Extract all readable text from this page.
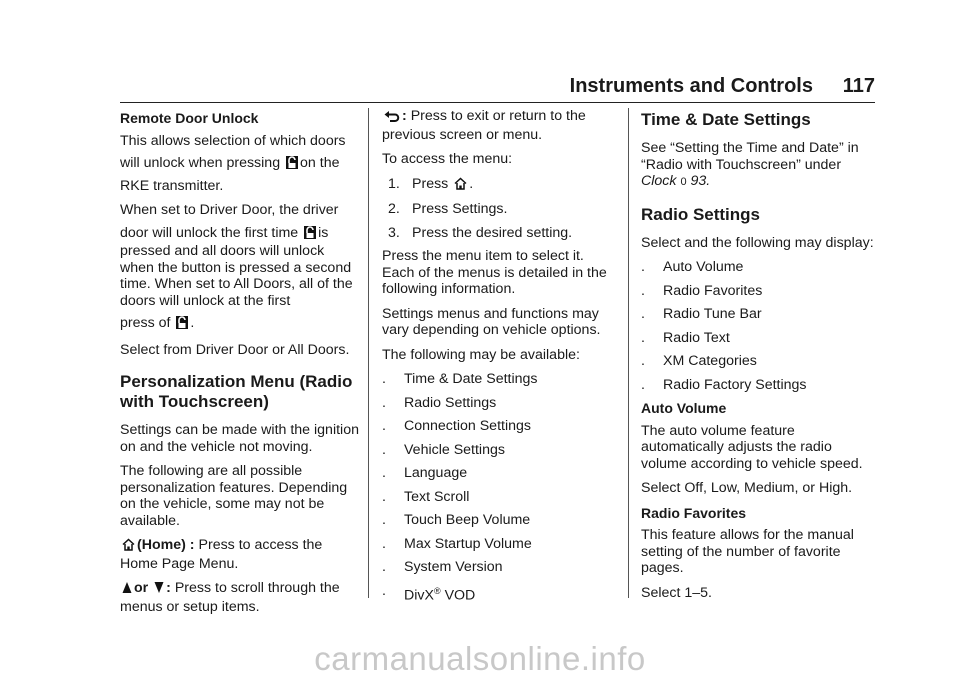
Instruments and Controls 117
Remote Door Unlock

This allows selection of which doors
will unlock when pressing on the
RKE transmitter.

When set to Driver Door, the driver
door will unlock the first time is
pressed and all doors will unlock when the button is pressed a second time. When set to All Doors, all of the doors will unlock at the first
press of .

Select from Driver Door or All Doors.

Personalization Menu (Radio with Touchscreen)

Settings can be made with the ignition on and the vehicle not moving.

The following are all possible personalization features. Depending on the vehicle, some may not be available.

(Home) : Press to access the Home Page Menu.

or : Press to scroll through the menus or setup items.

: Press to exit or return to the previous screen or menu.

To access the menu:

1. Press .
2. Press Settings.
3. Press the desired setting.

Press the menu item to select it. Each of the menus is detailed in the following information.

Settings menus and functions may vary depending on vehicle options.

The following may be available:

.	Time & Date Settings
.	Radio Settings
.	Connection Settings
.	Vehicle Settings
.	Language
.	Text Scroll
.	Touch Beep Volume
.	Max Startup Volume
.	System Version
.	DivX® VOD
Time & Date Settings

See “Setting the Time and Date” in “Radio with Touchscreen” under
Clock 0 93.

Radio Settings

Select and the following may display:

.	Auto Volume
.	Radio Favorites
.	Radio Tune Bar
.	Radio Text
.	XM Categories
.	Radio Factory Settings
Auto Volume

The auto volume feature automatically adjusts the radio volume according to vehicle speed.

Select Off, Low, Medium, or High.

Radio Favorites

This feature allows for the manual setting of the number of favorite pages.

Select 1–5.

carmanualsonline.info
